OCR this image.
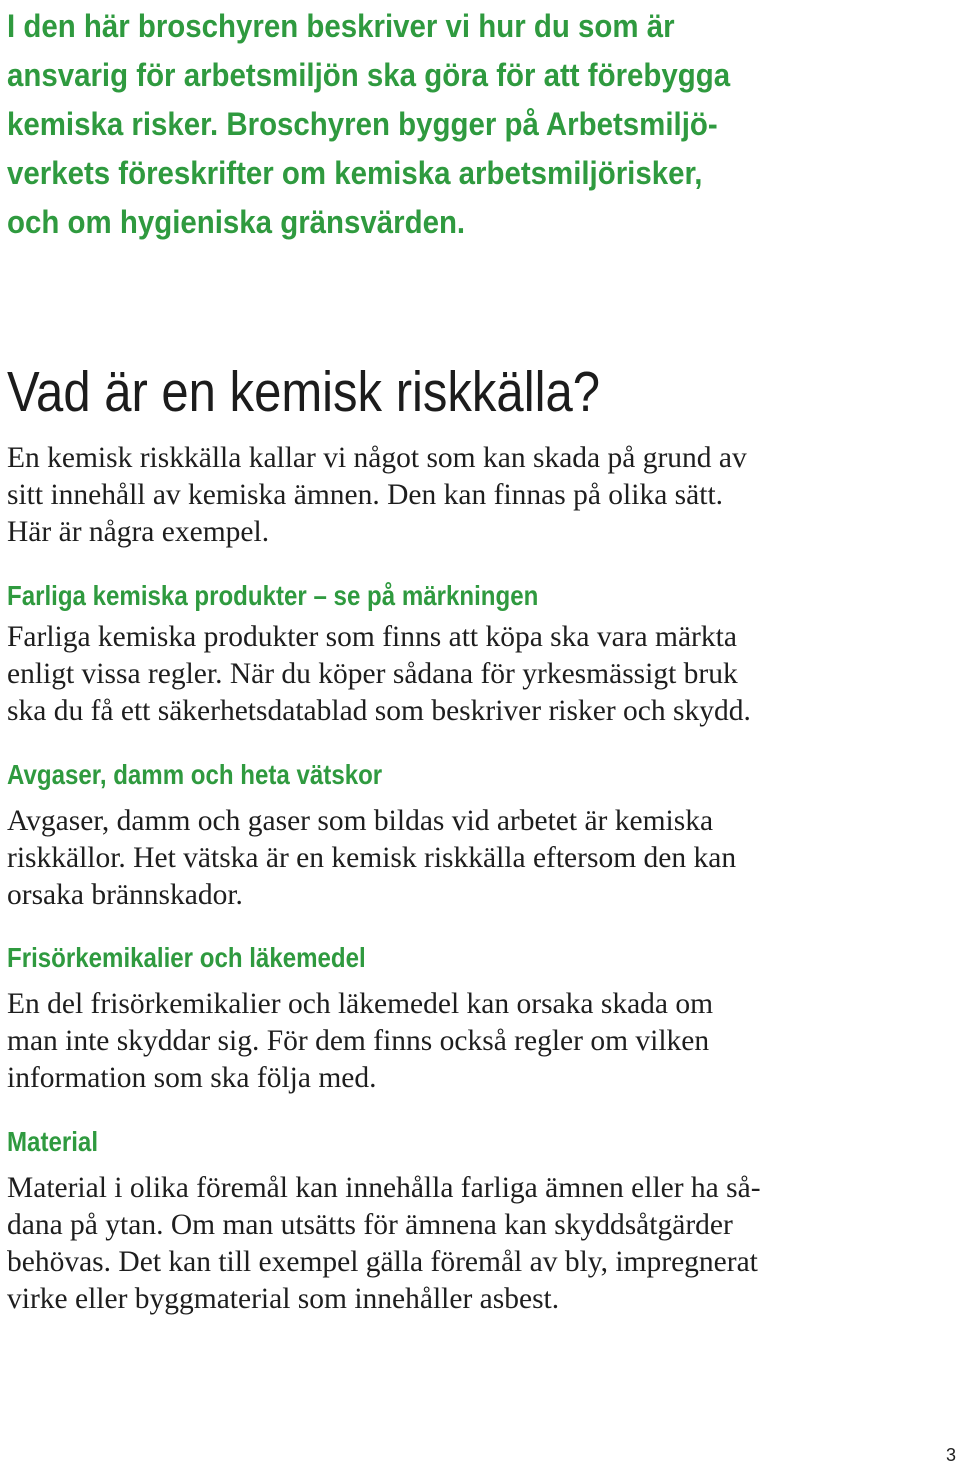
I den här broschyren beskriver vi hur du som är
ansvarig för arbetsmiljön ska göra för att förebygga
kemiska risker. Broschyren bygger på Arbetsmiljö-
verkets föreskrifter om kemiska arbetsmiljörisker,
och om hygieniska gränsvärden.

Vad är en kemisk riskkälla?

En kemisk riskkälla kallar vi något som kan skada på grund av
sitt innehåll av kemiska ämnen. Den kan finnas på olika sätt.
Här är några exempel.

Farliga kemiska produkter – se på märkningen

Farliga kemiska produkter som finns att köpa ska vara märkta
enligt vissa regler. När du köper sådana för yrkesmässigt bruk
ska du få ett säkerhetsdatablad som beskriver risker och skydd.

Avgaser, damm och heta vätskor

Avgaser, damm och gaser som bildas vid arbetet är kemiska
riskkällor. Het vätska är en kemisk riskkälla eftersom den kan
orsaka brännskador.

Frisörkemikalier och läkemedel

En del frisörkemikalier och läkemedel kan orsaka skada om
man inte skyddar sig. För dem finns också regler om vilken
information som ska följa med.

Material

Material i olika föremål kan innehålla farliga ämnen eller ha så-
dana på ytan. Om man utsätts för ämnena kan skyddsåtgärder
behövas. Det kan till exempel gälla föremål av bly, impregnerat
virke eller byggmaterial som innehåller asbest.

3
